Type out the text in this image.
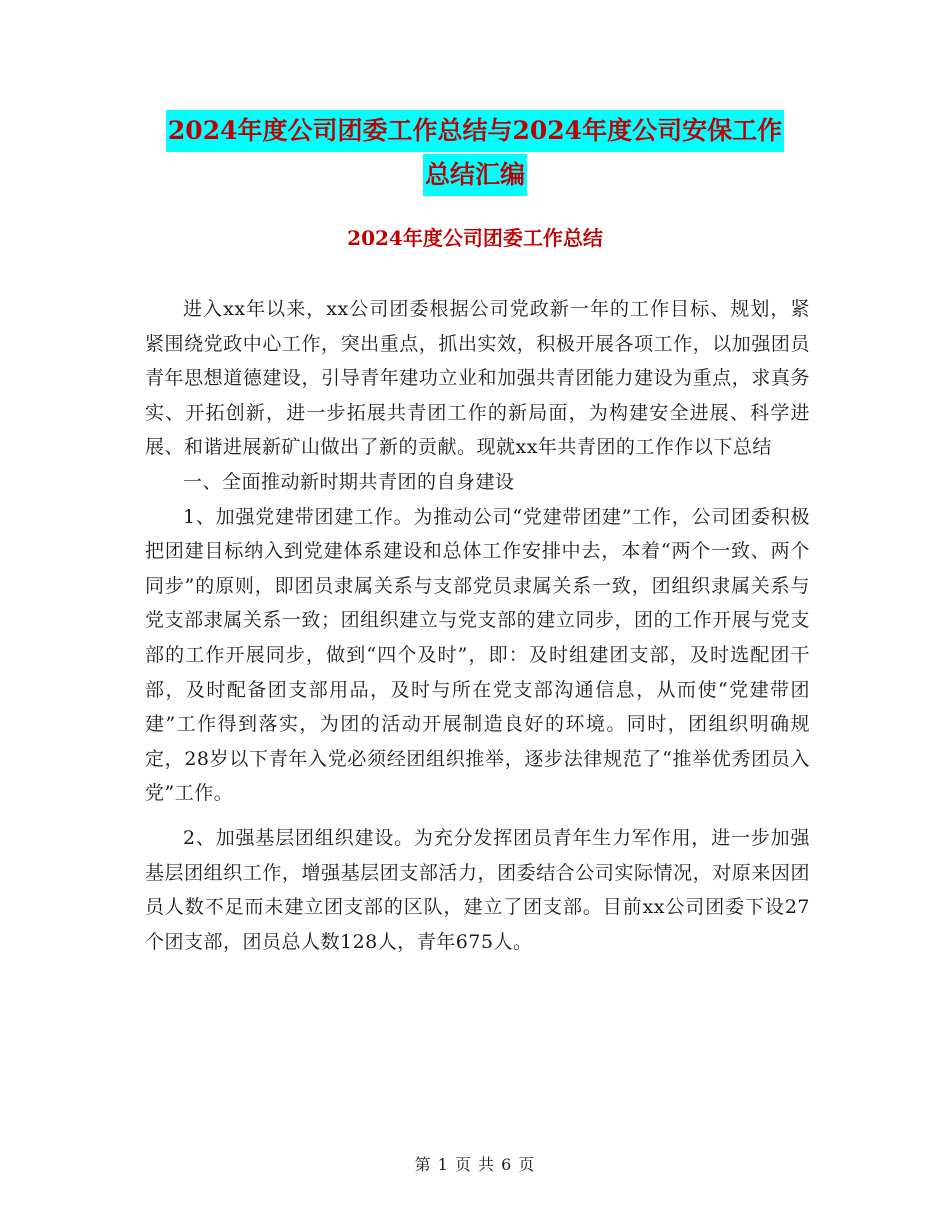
2024年度公司团委工作总结与2024年度公司安保工作
总结汇编
2024年度公司团委工作总结

进入xx年以来，xx公司团委根据公司党政新一年的工作目标、规划，紧紧围绕党政中心工作，突出重点，抓出实效，积极开展各项工作，以加强团员青年思想道德建设，引导青年建功立业和加强共青团能力建设为重点，求真务实、开拓创新，进一步拓展共青团工作的新局面，为构建安全进展、科学进展、和谐进展新矿山做出了新的贡献。现就xx年共青团的工作作以下总结

一、全面推动新时期共青团的自身建设

1、加强党建带团建工作。为推动公司“党建带团建”工作，公司团委积极把团建目标纳入到党建体系建设和总体工作安排中去，本着“两个一致、两个同步”的原则，即团员隶属关系与支部党员隶属关系一致，团组织隶属关系与党支部隶属关系一致；团组织建立与党支部的建立同步，团的工作开展与党支部的工作开展同步，做到“四个及时”，即：及时组建团支部，及时选配团干部，及时配备团支部用品，及时与所在党支部沟通信息，从而使“党建带团建”工作得到落实，为团的活动开展制造良好的环境。同时，团组织明确规定，28岁以下青年入党必须经团组织推举，逐步法律规范了“推举优秀团员入党”工作。

2、加强基层团组织建设。为充分发挥团员青年生力军作用，进一步加强基层团组织工作，增强基层团支部活力，团委结合公司实际情况，对原来因团员人数不足而未建立团支部的区队，建立了团支部。目前xx公司团委下设27个团支部，团员总人数128人，青年675人。

第 1 页 共 6 页
